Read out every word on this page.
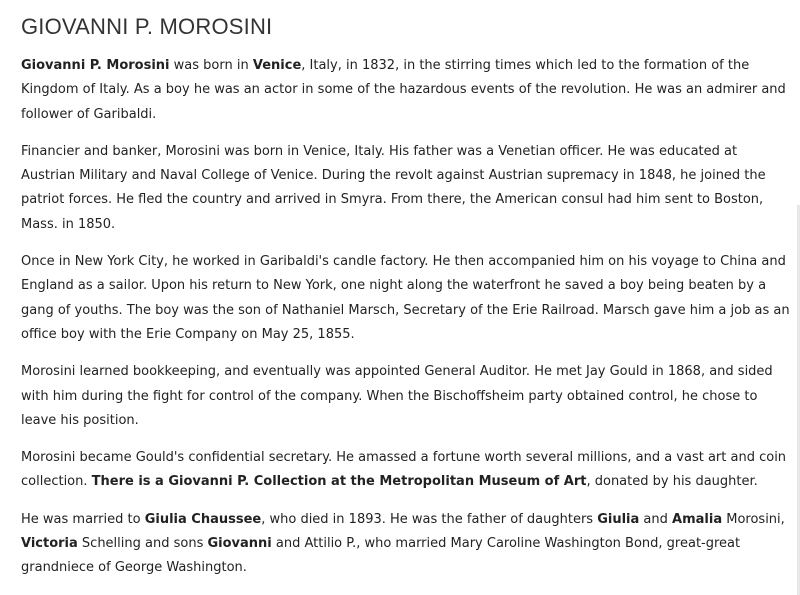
GIOVANNI P. MOROSINI

Giovanni P. Morosini was born in Venice, Italy, in 1832, in the stirring times which led to the formation of the Kingdom of Italy. As a boy he was an actor in some of the hazardous events of the revolution. He was an admirer and follower of Garibaldi.

Financier and banker, Morosini was born in Venice, Italy. His father was a Venetian officer. He was educated at Austrian Military and Naval College of Venice. During the revolt against Austrian supremacy in 1848, he joined the patriot forces. He fled the country and arrived in Smyra. From there, the American consul had him sent to Boston, Mass. in 1850.

Once in New York City, he worked in Garibaldi's candle factory. He then accompanied him on his voyage to China and England as a sailor. Upon his return to New York, one night along the waterfront he saved a boy being beaten by a gang of youths. The boy was the son of Nathaniel Marsch, Secretary of the Erie Railroad. Marsch gave him a job as an office boy with the Erie Company on May 25, 1855.

Morosini learned bookkeeping, and eventually was appointed General Auditor. He met Jay Gould in 1868, and sided with him during the fight for control of the company. When the Bischoffsheim party obtained control, he chose to leave his position.

Morosini became Gould's confidential secretary. He amassed a fortune worth several millions, and a vast art and coin collection. There is a Giovanni P. Collection at the Metropolitan Museum of Art, donated by his daughter.

He was married to Giulia Chaussee, who died in 1893. He was the father of daughters Giulia and Amalia Morosini, Victoria Schelling and sons Giovanni and Attilio P., who married Mary Caroline Washington Bond, great-great grandniece of George Washington.
